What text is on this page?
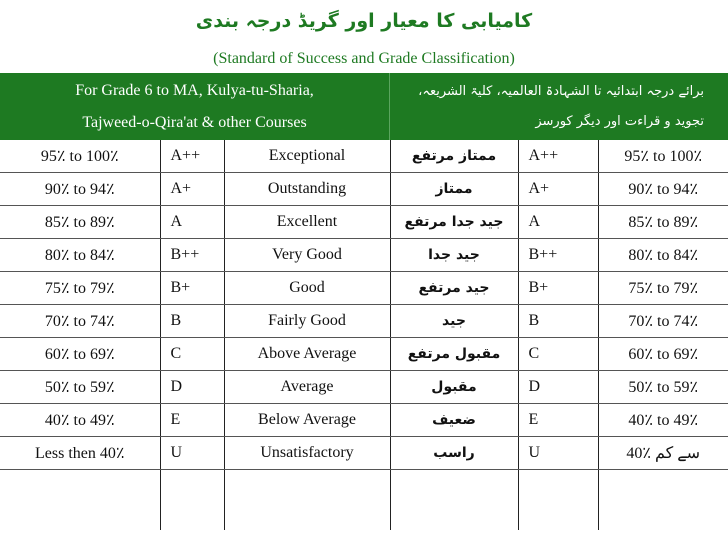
کامیابی کا معیار اور گریڈ درجہ بندی
(Standard of Success and Grade Classification)
For Grade 6 to MA, Kulya-tu-Sharia,
Tajweed-o-Qira'at & other Courses
برائے درجہ ابتدائیہ تا الشہادۃ العالمیہ، کلیۃ الشریعہ،
تجوید و قراءت اور دیگر کورسز
95٪ to 100٪	A++	Exceptional	ممتاز مرتفع	A++	95٪ to 100٪
90٪ to 94٪	A+	Outstanding	ممتاز	A+	90٪ to 94٪
85٪ to 89٪	A	Excellent	جید جدا مرتفع	A	85٪ to 89٪
80٪ to 84٪	B++	Very Good	جید جدا	B++	80٪ to 84٪
75٪ to 79٪	B+	Good	جید مرتفع	B+	75٪ to 79٪
70٪ to 74٪	B	Fairly Good	جید	B	70٪ to 74٪
60٪ to 69٪	C	Above Average	مقبول مرتفع	C	60٪ to 69٪
50٪ to 59٪	D	Average	مقبول	D	50٪ to 59٪
40٪ to 49٪	E	Below Average	ضعیف	E	40٪ to 49٪
Less then 40٪	U	Unsatisfactory	راسب	U	40٪ سے کم
